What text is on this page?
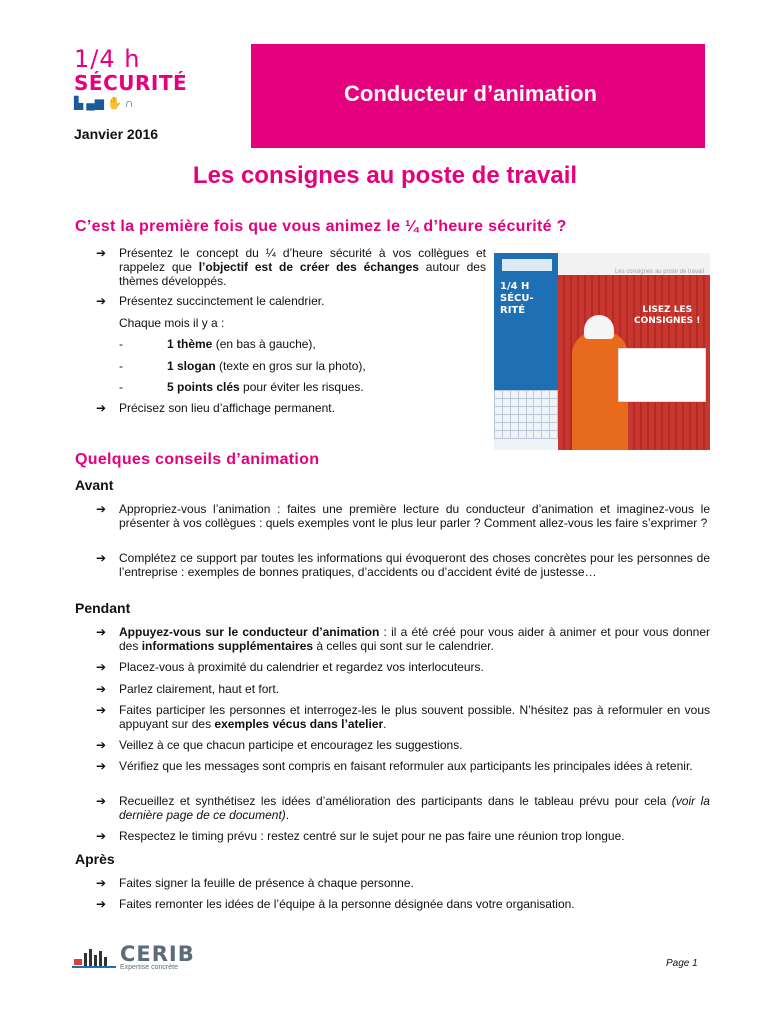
1/4 h
SÉCURITÉ
▙ ▄▆ ✋ ∩
Janvier 2016
Conducteur d’animation
Les consignes au poste de travail
C’est la première fois que vous animez le ¼ d’heure sécurité ?
➔ Présentez le concept du ¼ d’heure sécurité à vos collègues et rappelez que l’objectif est de créer des échanges autour des thèmes développés.
➔ Présentez succinctement le calendrier.
Chaque mois il y a :
-	1 thème (en bas à gauche),
-	1 slogan (texte en gros sur la photo),
-	5 points clés pour éviter les risques.
➔ Précisez son lieu d’affichage permanent.
Les consignes au poste de travail
1/4 H
SÉCU-
RITÉ

								LISEZ LES
CONSIGNES !
Quelques conseils d’animation
Avant
➔ Appropriez-vous l’animation : faites une première lecture du conducteur d’animation et imaginez-vous le présenter à vos collègues : quels exemples vont le plus leur parler ? Comment allez-vous les faire s’exprimer ?
➔ Complétez ce support par toutes les informations qui évoqueront des choses concrètes pour les personnes de l’entreprise : exemples de bonnes pratiques, d’accidents ou d’accident évité de justesse…
Pendant
➔ Appuyez-vous sur le conducteur d’animation : il a été créé pour vous aider à animer et pour vous donner des informations supplémentaires à celles qui sont sur le calendrier.
➔ Placez-vous à proximité du calendrier et regardez vos interlocuteurs.
➔ Parlez clairement, haut et fort.
➔ Faites participer les personnes et interrogez-les le plus souvent possible. N’hésitez pas à reformuler en vous appuyant sur des exemples vécus dans l’atelier.
➔ Veillez à ce que chacun participe et encouragez les suggestions.
➔ Vérifiez que les messages sont compris en faisant reformuler aux participants les principales idées à retenir.
➔ Recueillez et synthétisez les idées d’amélioration des participants dans le tableau prévu pour cela (voir la dernière page de ce document).
➔ Respectez le timing prévu : restez centré sur le sujet pour ne pas faire une réunion trop longue.
Après
➔ Faites signer la feuille de présence à chaque personne.
➔ Faites remonter les idées de l’équipe à la personne désignée dans votre organisation.
CERIB
Expertise concrète	Page 1
